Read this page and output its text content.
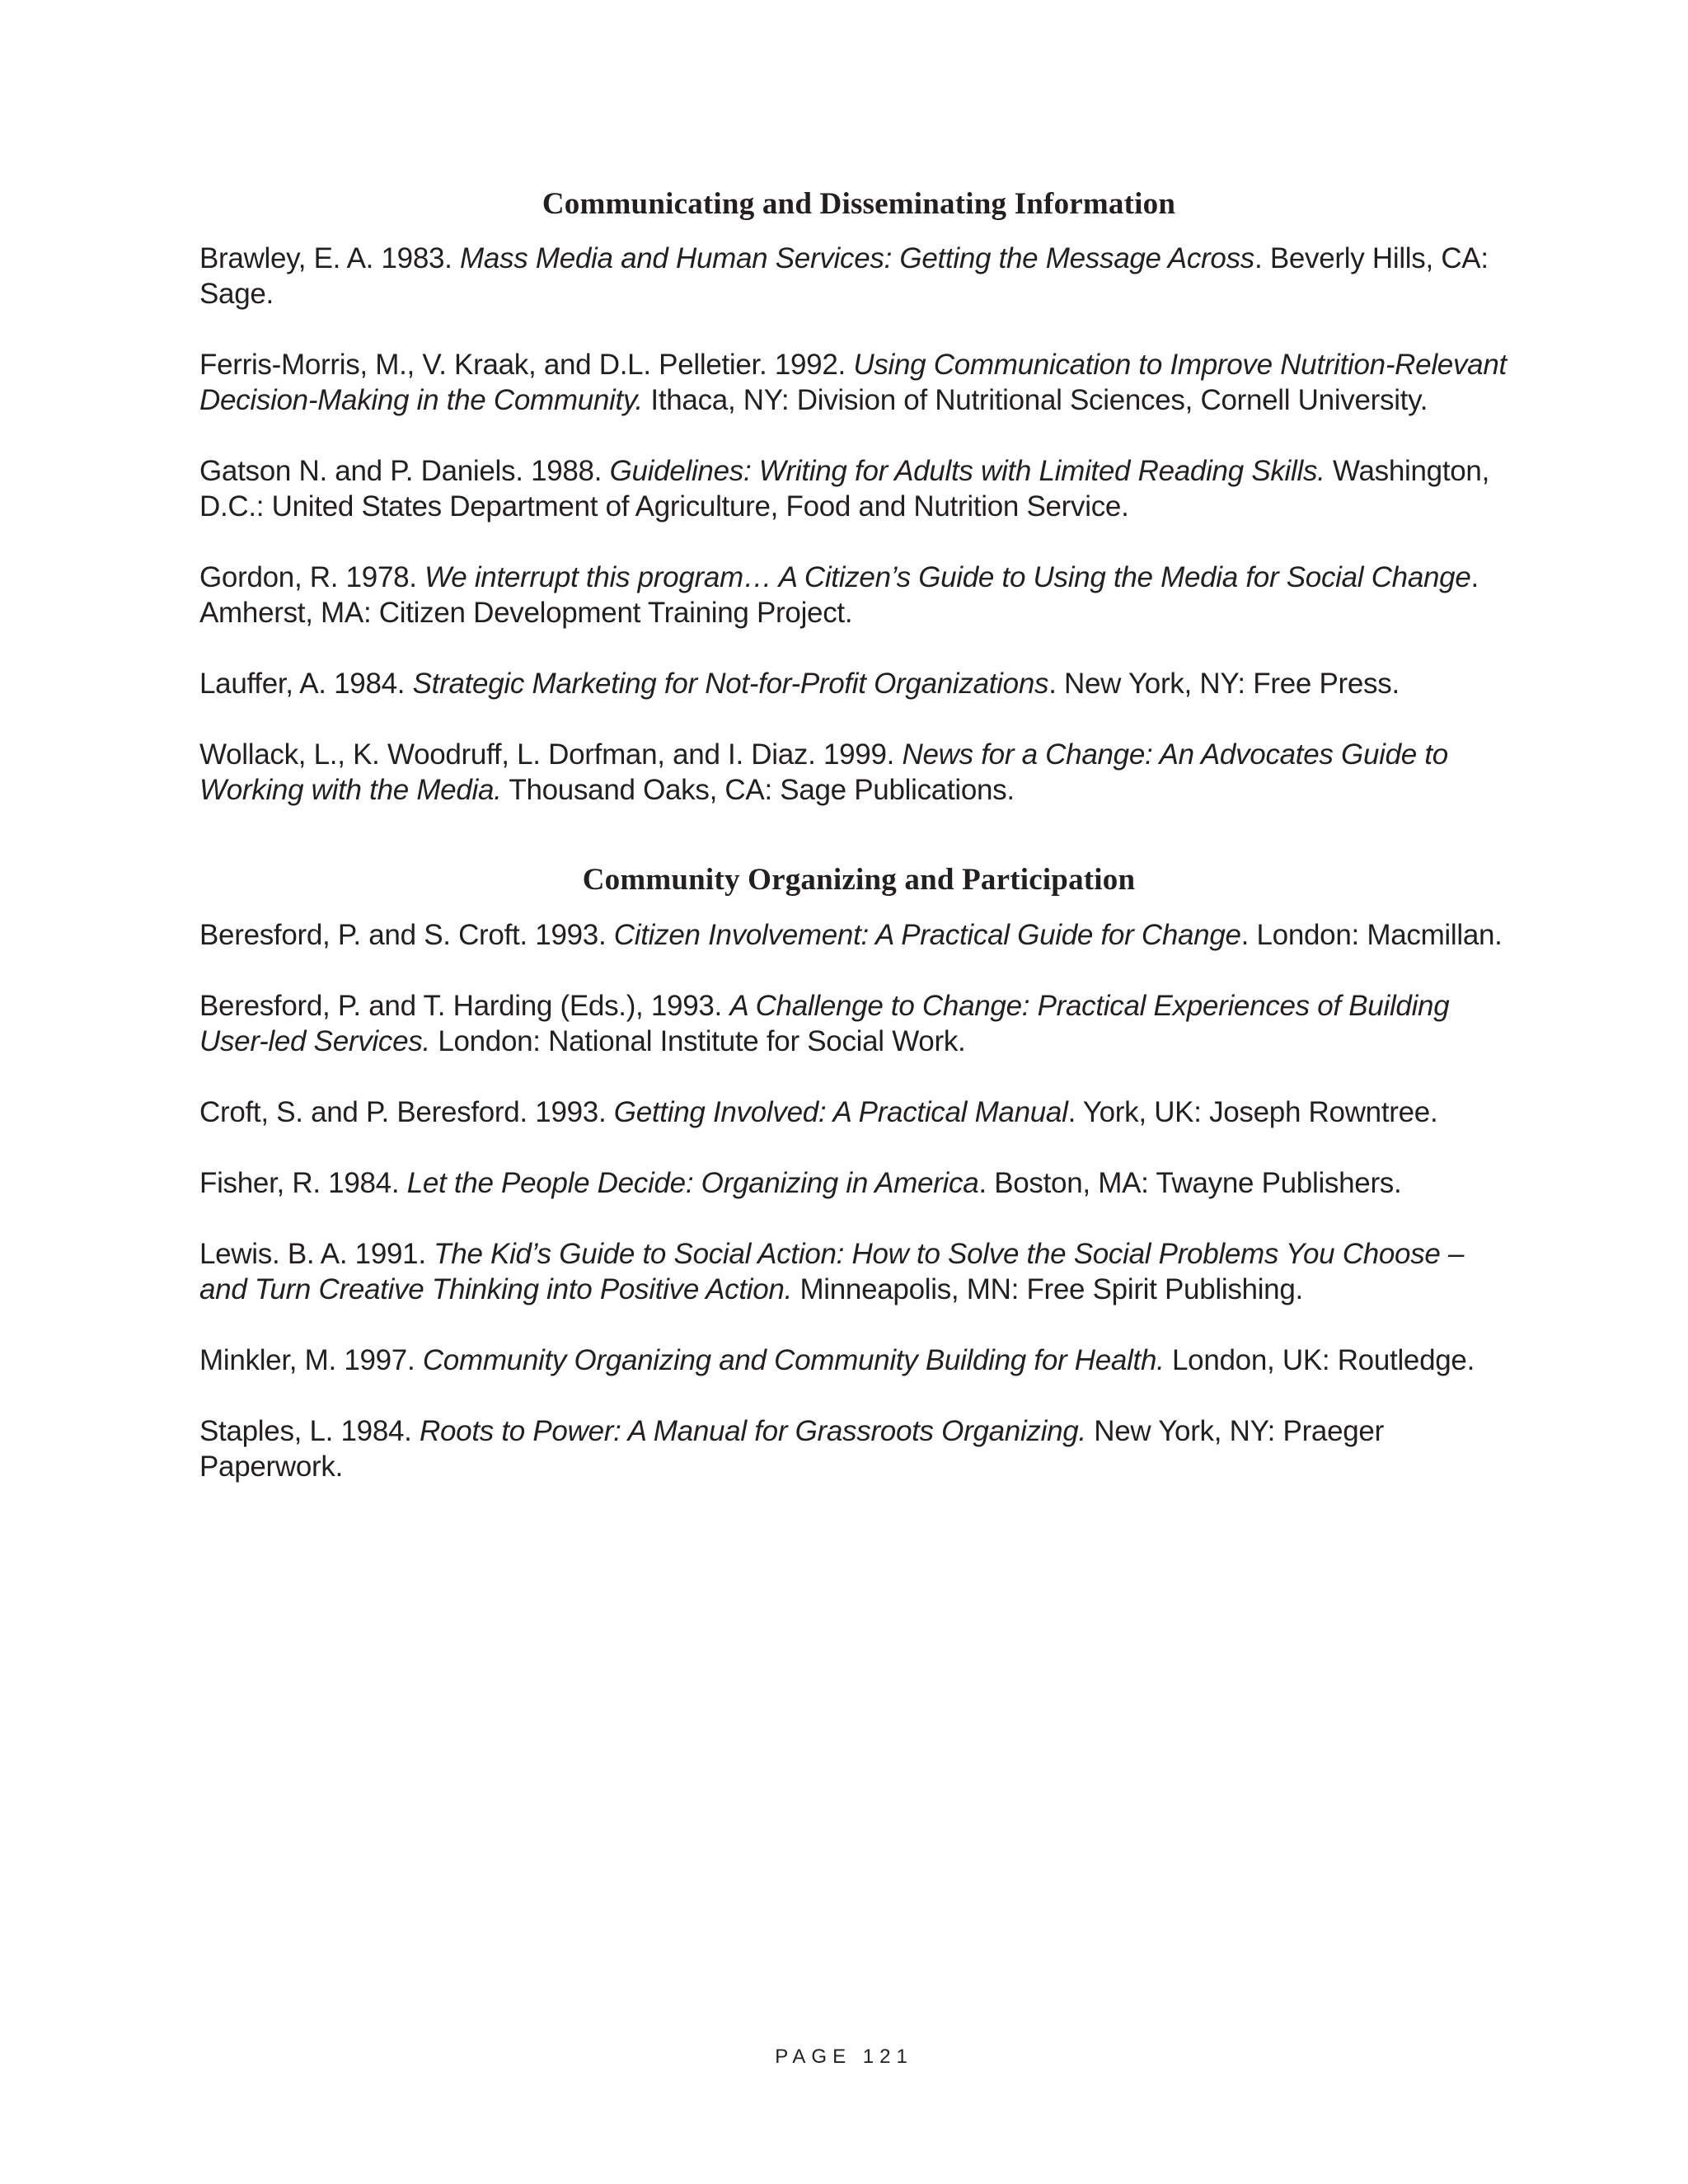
Communicating and Disseminating Information

Brawley, E. A. 1983. Mass Media and Human Services: Getting the Message Across. Beverly Hills, CA: Sage.

Ferris-Morris, M., V. Kraak, and D.L. Pelletier. 1992. Using Communication to Improve Nutrition-Relevant Decision-Making in the Community. Ithaca, NY: Division of Nutritional Sciences, Cornell University.

Gatson N. and P. Daniels. 1988. Guidelines: Writing for Adults with Limited Reading Skills. Washington, D.C.: United States Department of Agriculture, Food and Nutrition Service.

Gordon, R. 1978. We interrupt this program… A Citizen’s Guide to Using the Media for Social Change. Amherst, MA: Citizen Development Training Project.

Lauffer, A. 1984. Strategic Marketing for Not-for-Profit Organizations. New York, NY: Free Press.

Wollack, L., K. Woodruff, L. Dorfman, and I. Diaz. 1999. News for a Change: An Advocates Guide to Working with the Media. Thousand Oaks, CA: Sage Publications.

Community Organizing and Participation

Beresford, P. and S. Croft. 1993. Citizen Involvement: A Practical Guide for Change. London: Macmillan.

Beresford, P. and T. Harding (Eds.), 1993. A Challenge to Change: Practical Experiences of Building User-led Services. London: National Institute for Social Work.

Croft, S. and P. Beresford. 1993. Getting Involved: A Practical Manual. York, UK: Joseph Rowntree.

Fisher, R. 1984. Let the People Decide: Organizing in America. Boston, MA: Twayne Publishers.

Lewis. B. A. 1991. The Kid’s Guide to Social Action: How to Solve the Social Problems You Choose – and Turn Creative Thinking into Positive Action. Minneapolis, MN: Free Spirit Publishing.

Minkler, M. 1997. Community Organizing and Community Building for Health. London, UK: Routledge.

Staples, L. 1984. Roots to Power: A Manual for Grassroots Organizing. New York, NY: Praeger Paperwork.

PAGE 121
